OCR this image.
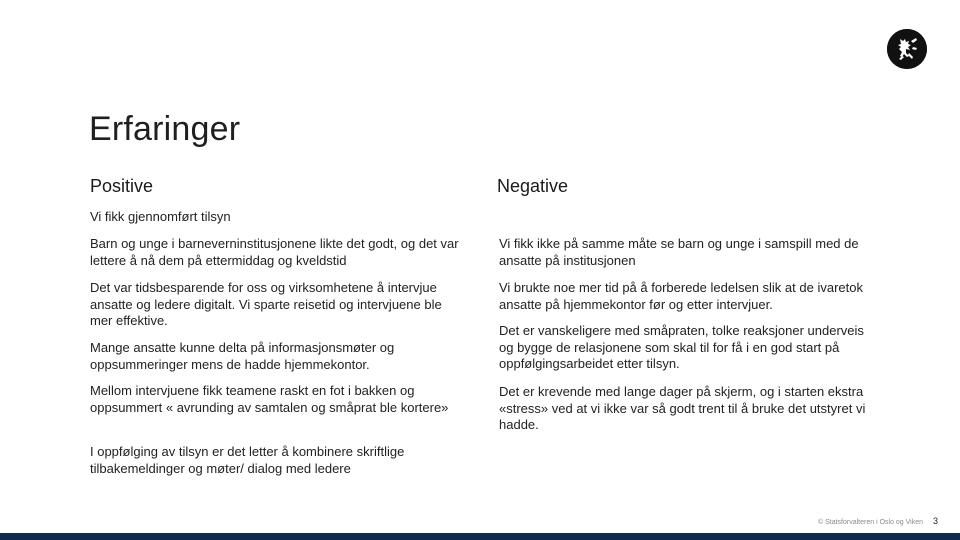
Erfaringer
Positive	Negative

Vi fikk gjennomført tilsyn

Barn og unge i barneverninstitusjonene likte det godt, og det var lettere å nå dem på ettermiddag og kveldstid

Det var tidsbesparende for oss og virksomhetene å intervjue ansatte og ledere digitalt. Vi sparte reisetid og intervjuene ble mer effektive.

Mange ansatte kunne delta på informasjonsmøter og oppsummeringer mens de hadde hjemmekontor.

Mellom intervjuene fikk teamene raskt en fot i bakken og oppsummert « avrunding av samtalen og småprat ble kortere»

I oppfølging av tilsyn er det letter å kombinere skriftlige tilbakemeldinger og møter/ dialog med ledere

Vi fikk ikke på samme måte se barn og unge i samspill med de ansatte på institusjonen

Vi brukte noe mer tid på å forberede ledelsen slik at de ivaretok ansatte på hjemmekontor før og etter intervjuer.

Det er vanskeligere med småpraten, tolke reaksjoner underveis og bygge de relasjonene som skal til for få i en god start på oppfølgingsarbeidet etter tilsyn.

Det er krevende med lange dager på skjerm, og i starten ekstra «stress» ved at vi ikke var så godt trent til å bruke det utstyret vi hadde.

© Statsforvalteren i Oslo og Viken 3
